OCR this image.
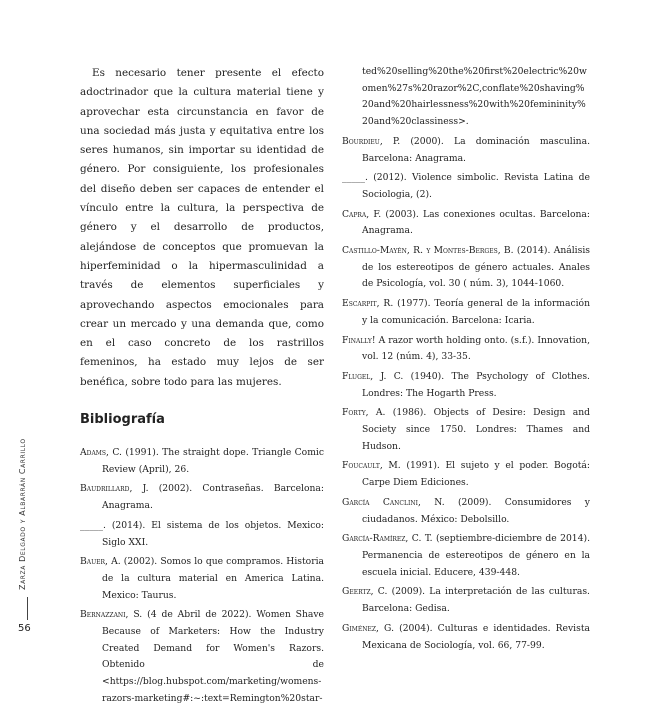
Zarza Delgado y Albarrán Carrillo
56

Es necesario tener presente el efecto adoctrinador que la cultura material tiene y aprovechar esta circunstancia en favor de una sociedad más justa y equitativa entre los seres humanos, sin importar su identidad de género. Por consiguiente, los profesionales del diseño deben ser capaces de entender el vínculo entre la cultura, la perspectiva de género y el desarrollo de productos, alejándose de conceptos que promuevan la hiperfeminidad o la hipermasculinidad a través de elementos superficiales y aprovechando aspectos emocionales para crear un mercado y una demanda que, como en el caso concreto de los rastrillos femeninos, ha estado muy lejos de ser benéfica, sobre todo para las mujeres.

Bibliografía

Adams, C. (1991). The straight dope. Triangle Comic Review (April), 26.

Baudrillard, J. (2002). Contraseñas. Barcelona: Anagrama.

_____. (2014). El sistema de los objetos. Mexico: Siglo XXI.

Bauer, A. (2002). Somos lo que compramos. Historia de la cultura material en America Latina. Mexico: Taurus.

Bernazzani, S. (4 de Abril de 2022). Women Shave Because of Marketers: How the Industry Created Demand for Women's Razors. Obtenido de <https://blog.hubspot.com/marketing/womens-razors-marketing#:~:text=Remington%20star-

ted%20selling%20the%20first%20electric%20women%27s%20razor%2C,conflate%20shaving%20and%20hairlessness%20with%20femininity%20and%20classiness>.

Bourdieu, P. (2000). La dominación masculina. Barcelona: Anagrama.

_____. (2012). Violence simbolic. Revista Latina de Sociologia, (2).

Capra, F. (2003). Las conexiones ocultas. Barcelona: Anagrama.

Castillo-Mayén, R. y Montes-Berges, B. (2014). Análisis de los estereotipos de género actuales. Anales de Psicología, vol. 30 ( núm. 3), 1044-1060.

Escarpit, R. (1977). Teoría general de la información y la comunicación. Barcelona: Icaria.

Finally! A razor worth holding onto. (s.f.). Innovation, vol. 12 (núm. 4), 33-35.

Flugel, J. C. (1940). The Psychology of Clothes. Londres: The Hogarth Press.

Forty, A. (1986). Objects of Desire: Design and Society since 1750. Londres: Thames and Hudson.

Foucault, M. (1991). El sujeto y el poder. Bogotá: Carpe Diem Ediciones.

García Canclini, N. (2009). Consumidores y ciudadanos. México: Debolsillo.

García-Ramírez, C. T. (septiembre-diciembre de 2014). Permanencia de estereotipos de género en la escuela inicial. Educere, 439-448.

Geertz, C. (2009). La interpretación de las culturas. Barcelona: Gedisa.

Giménez, G. (2004). Culturas e identidades. Revista Mexicana de Sociología, vol. 66, 77-99.
